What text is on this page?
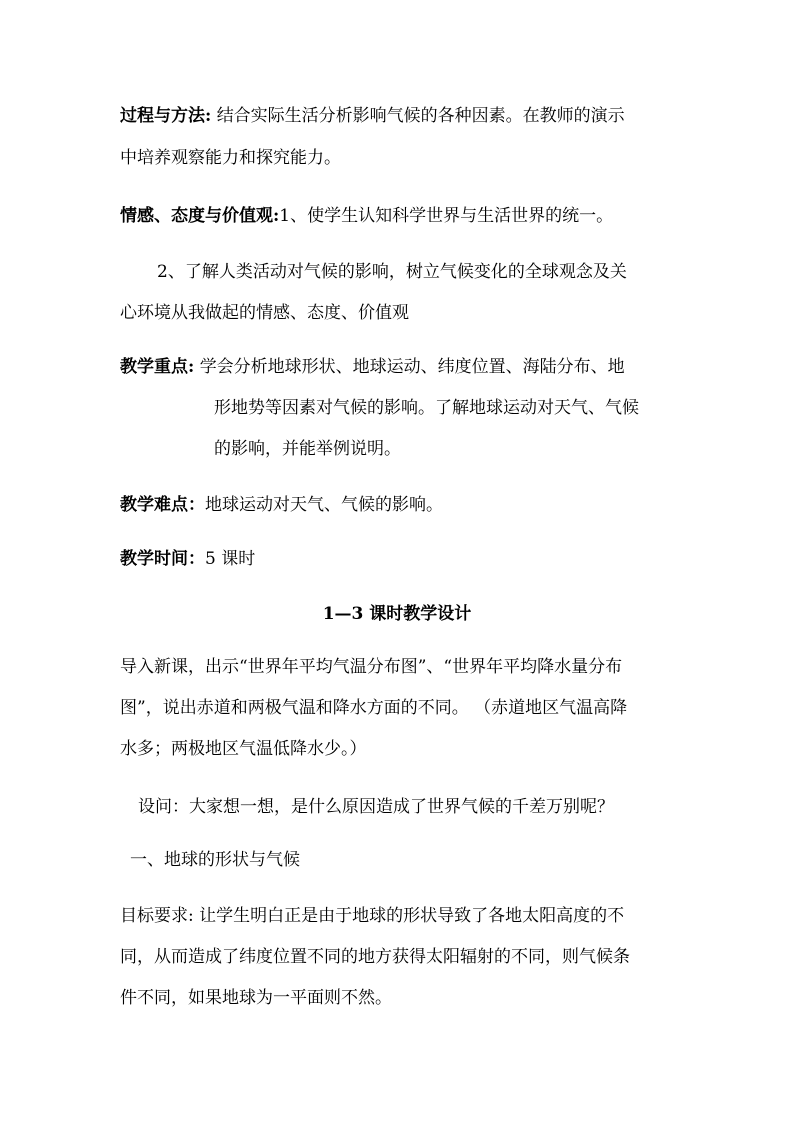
过程与方法: 结合实际生活分析影响气候的各种因素。在教师的演示
中培养观察能力和探究能力。
情感、态度与价值观:1、使学生认知科学世界与生活世界的统一。
2、了解人类活动对气候的影响，树立气候变化的全球观念及关
心环境从我做起的情感、态度、价值观
教学重点: 学会分析地球形状、地球运动、纬度位置、海陆分布、地
形地势等因素对气候的影响。了解地球运动对天气、气候
的影响，并能举例说明。
教学难点：地球运动对天气、气候的影响。
教学时间：5 课时
1—3 课时教学设计
导入新课，出示“世界年平均气温分布图”、“世界年平均降水量分布
图”，说出赤道和两极气温和降水方面的不同。 （赤道地区气温高降
水多；两极地区气温低降水少。）
设问：大家想一想，是什么原因造成了世界气候的千差万别呢？
一、地球的形状与气候
目标要求: 让学生明白正是由于地球的形状导致了各地太阳高度的不
同，从而造成了纬度位置不同的地方获得太阳辐射的不同，则气候条
件不同，如果地球为一平面则不然。
